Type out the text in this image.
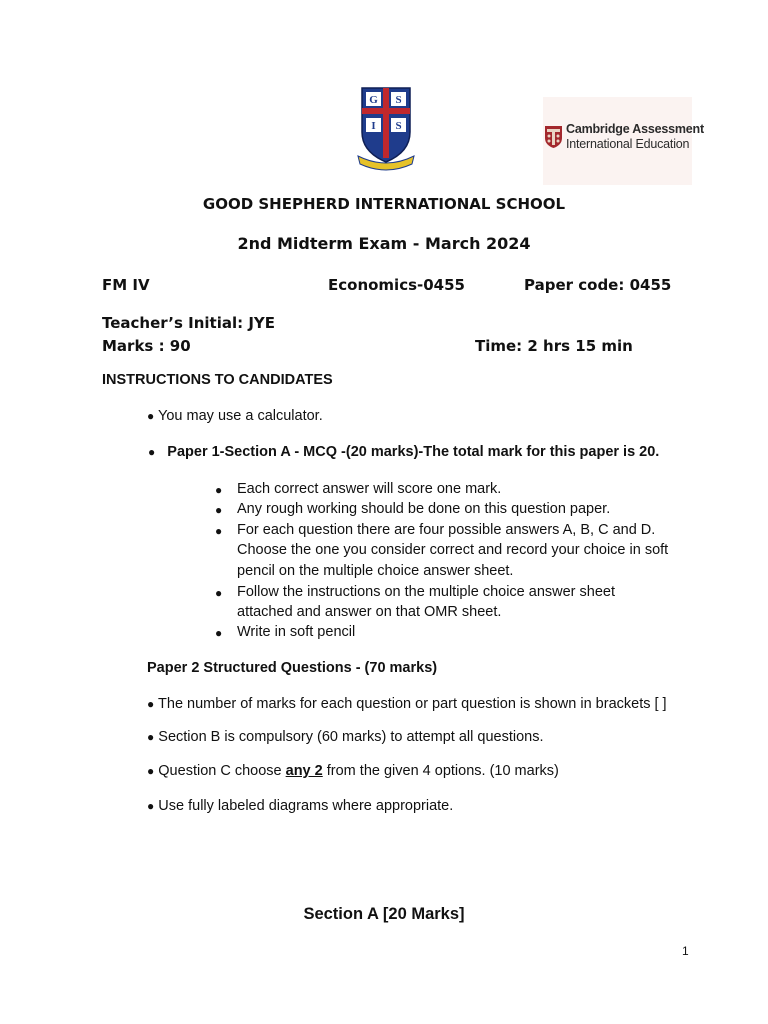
G S
I S	Cambridge Assessment
International Education
GOOD SHEPHERD INTERNATIONAL SCHOOL
2nd Midterm Exam - March 2024
FM IV	Economics-0455	Paper code: 0455
Teacher’s Initial: JYE
Marks : 90	Time: 2 hrs 15 min
INSTRUCTIONS TO CANDIDATES
● You may use a calculator.
● Paper 1-Section A - MCQ -(20 marks)-The total mark for this paper is 20.
● Each correct answer will score one mark.
● Any rough working should be done on this question paper.
● For each question there are four possible answers A, B, C and D.
Choose the one you consider correct and record your choice in soft
pencil on the multiple choice answer sheet.
● Follow the instructions on the multiple choice answer sheet
attached and answer on that OMR sheet.
● Write in soft pencil
Paper 2 Structured Questions - (70 marks)
● The number of marks for each question or part question is shown in brackets [ ]
● Section B is compulsory (60 marks) to attempt all questions.
● Question C choose any 2 from the given 4 options. (10 marks)
● Use fully labeled diagrams where appropriate.
Section A [20 Marks]
1
